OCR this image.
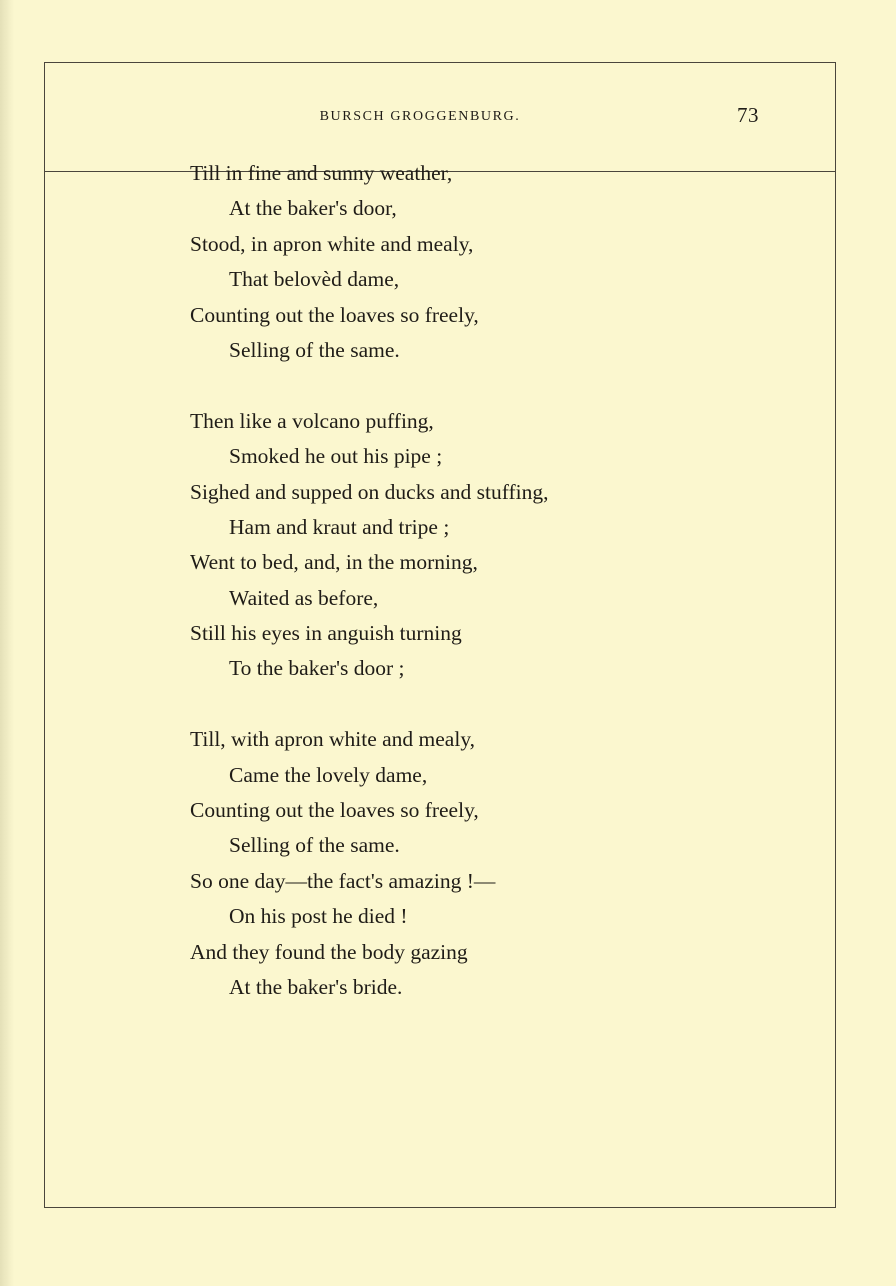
BURSCH GROGGENBURG.	73
Till in fine and sunny weather,
At the baker's door,
Stood, in apron white and mealy,
That belovèd dame,
Counting out the loaves so freely,
Selling of the same.
Then like a volcano puffing,
Smoked he out his pipe ;
Sighed and supped on ducks and stuffing,
Ham and kraut and tripe ;
Went to bed, and, in the morning,
Waited as before,
Still his eyes in anguish turning
To the baker's door ;
Till, with apron white and mealy,
Came the lovely dame,
Counting out the loaves so freely,
Selling of the same.
So one day—the fact's amazing !—
On his post he died !
And they found the body gazing
At the baker's bride.
